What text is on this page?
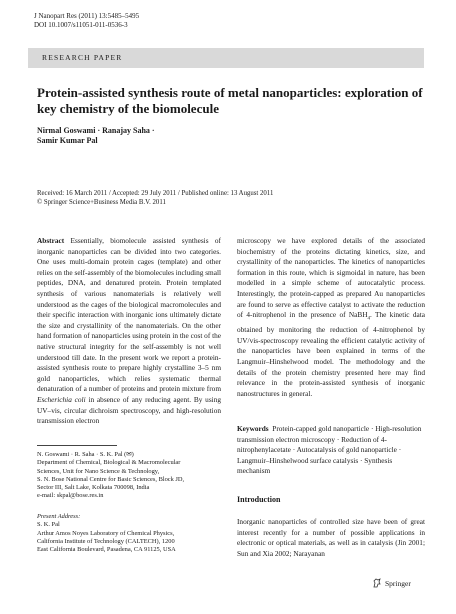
J Nanopart Res (2011) 13:5485–5495
DOI 10.1007/s11051-011-0536-3
RESEARCH PAPER
Protein-assisted synthesis route of metal nanoparticles: exploration of key chemistry of the biomolecule
Nirmal Goswami · Ranajay Saha ·
Samir Kumar Pal
Received: 16 March 2011 / Accepted: 29 July 2011 / Published online: 13 August 2011
© Springer Science+Business Media B.V. 2011
Abstract Essentially, biomolecule assisted synthesis of inorganic nanoparticles can be divided into two categories. One uses multi-domain protein cages (template) and other relies on the self-assembly of the biomolecules including small peptides, DNA, and denatured protein. Protein templated synthesis of various nanomaterials is relatively well understood as the cages of the biological macromolecules and their specific interaction with inorganic ions ultimately dictate the size and crystallinity of the nanomaterials. On the other hand formation of nanoparticles using protein in the cost of the native structural integrity for the self-assembly is not well understood till date. In the present work we report a protein-assisted synthesis route to prepare highly crystalline 3–5 nm gold nanoparticles, which relies systematic thermal denaturation of a number of proteins and protein mixture from Escherichia coli in absence of any reducing agent. By using UV–vis, circular dichroism spectroscopy, and high-resolution transmission electron
microscopy we have explored details of the associated biochemistry of the proteins dictating kinetics, size, and crystallinity of the nanoparticles. The kinetics of nanoparticles formation in this route, which is sigmoidal in nature, has been modelled in a simple scheme of autocatalytic process. Interestingly, the protein-capped as prepared Au nanoparticles are found to serve as effective catalyst to activate the reduction of 4-nitrophenol in the presence of NaBH$_4$. The kinetic data obtained by monitoring the reduction of 4-nitrophenol by UV/vis-spectroscopy revealing the efficient catalytic activity of the nanoparticles have been explained in terms of the Langmuir–Hinshelwood model. The methodology and the details of the protein chemistry presented here may find relevance in the protein-assisted synthesis of inorganic nanostructures in general.
Keywords Protein-capped gold nanoparticle · High-resolution transmission electron microscopy · Reduction of 4-nitrophenylacetate · Autocatalysis of gold nanoparticle · Langmuir–Hinshelwood surface catalysis · Synthesis mechanism
N. Goswami · R. Saha · S. K. Pal (✉)
Department of Chemical, Biological & Macromolecular
Sciences, Unit for Nano Science & Technology,
S. N. Bose National Centre for Basic Sciences, Block JD,
Sector III, Salt Lake, Kolkata 700098, India
e-mail: skpal@bose.res.in
Present Address:
S. K. Pal
Arthur Amos Noyes Laboratory of Chemical Physics,
California Institute of Technology (CALTECH), 1200
East California Boulevard, Pasadena, CA 91125, USA
Introduction
Inorganic nanoparticles of controlled size have been of great interest recently for a number of possible applications in electronic or optical materials, as well as in catalysis (Jin 2001; Sun and Xia 2002; Narayanan
Springer
